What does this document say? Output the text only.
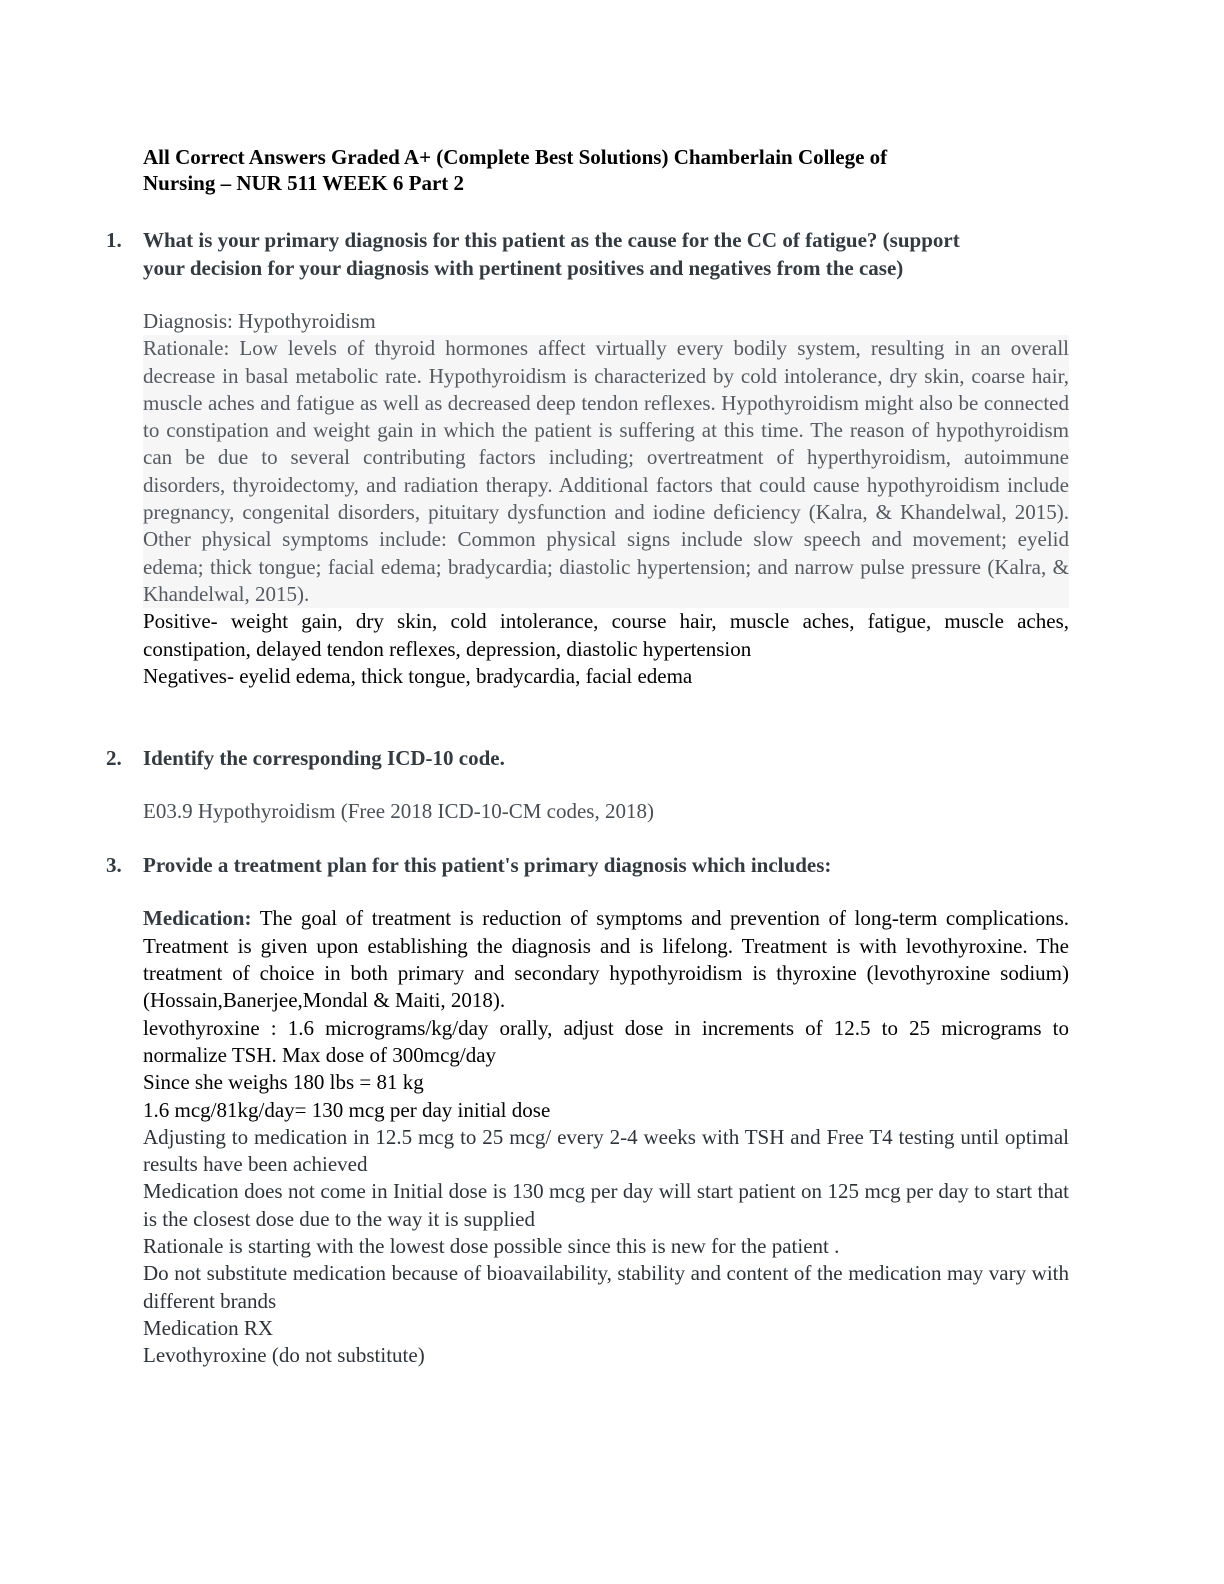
All Correct Answers Graded A+ (Complete Best Solutions) Chamberlain College of

Nursing – NUR 511 WEEK 6 Part 2

1. What is your primary diagnosis for this patient as the cause for the CC of fatigue? (support

your decision for your diagnosis with pertinent positives and negatives from the case)

Diagnosis: Hypothyroidism

Rationale: Low levels of thyroid hormones affect virtually every bodily system, resulting in an overall decrease in basal metabolic rate. Hypothyroidism is characterized by cold intolerance, dry skin, coarse hair, muscle aches and fatigue as well as decreased deep tendon reflexes. Hypothyroidism might also be connected to constipation and weight gain in which the patient is suffering at this time. The reason of hypothyroidism can be due to several contributing factors including; overtreatment of hyperthyroidism, autoimmune disorders, thyroidectomy, and radiation therapy. Additional factors that could cause hypothyroidism include pregnancy, congenital disorders, pituitary dysfunction and iodine deficiency (Kalra, & Khandelwal, 2015). Other physical symptoms include: Common physical signs include slow speech and movement; eyelid edema; thick tongue; facial edema; bradycardia; diastolic hypertension; and narrow pulse pressure (Kalra, & Khandelwal, 2015).

Positive- weight gain, dry skin, cold intolerance, course hair, muscle aches, fatigue, muscle aches, constipation, delayed tendon reflexes, depression, diastolic hypertension

Negatives- eyelid edema, thick tongue, bradycardia, facial edema

2. Identify the corresponding ICD-10 code.

E03.9 Hypothyroidism (Free 2018 ICD-10-CM codes, 2018)

3. Provide a treatment plan for this patient's primary diagnosis which includes:

Medication: The goal of treatment is reduction of symptoms and prevention of long-term complications. Treatment is given upon establishing the diagnosis and is lifelong. Treatment is with levothyroxine. The treatment of choice in both primary and secondary hypothyroidism is thyroxine (levothyroxine sodium) (Hossain,Banerjee,Mondal & Maiti, 2018).

levothyroxine : 1.6 micrograms/kg/day orally, adjust dose in increments of 12.5 to 25 micrograms to normalize TSH. Max dose of 300mcg/day

Since she weighs 180 lbs = 81 kg

1.6 mcg/81kg/day= 130 mcg per day initial dose

Adjusting to medication in 12.5 mcg to 25 mcg/ every 2-4 weeks with TSH and Free T4 testing until optimal results have been achieved

Medication does not come in Initial dose is 130 mcg per day will start patient on 125 mcg per day to start that is the closest dose due to the way it is supplied

Rationale is starting with the lowest dose possible since this is new for the patient .

Do not substitute medication because of bioavailability, stability and content of the medication may vary with different brands

Medication RX

Levothyroxine (do not substitute)
